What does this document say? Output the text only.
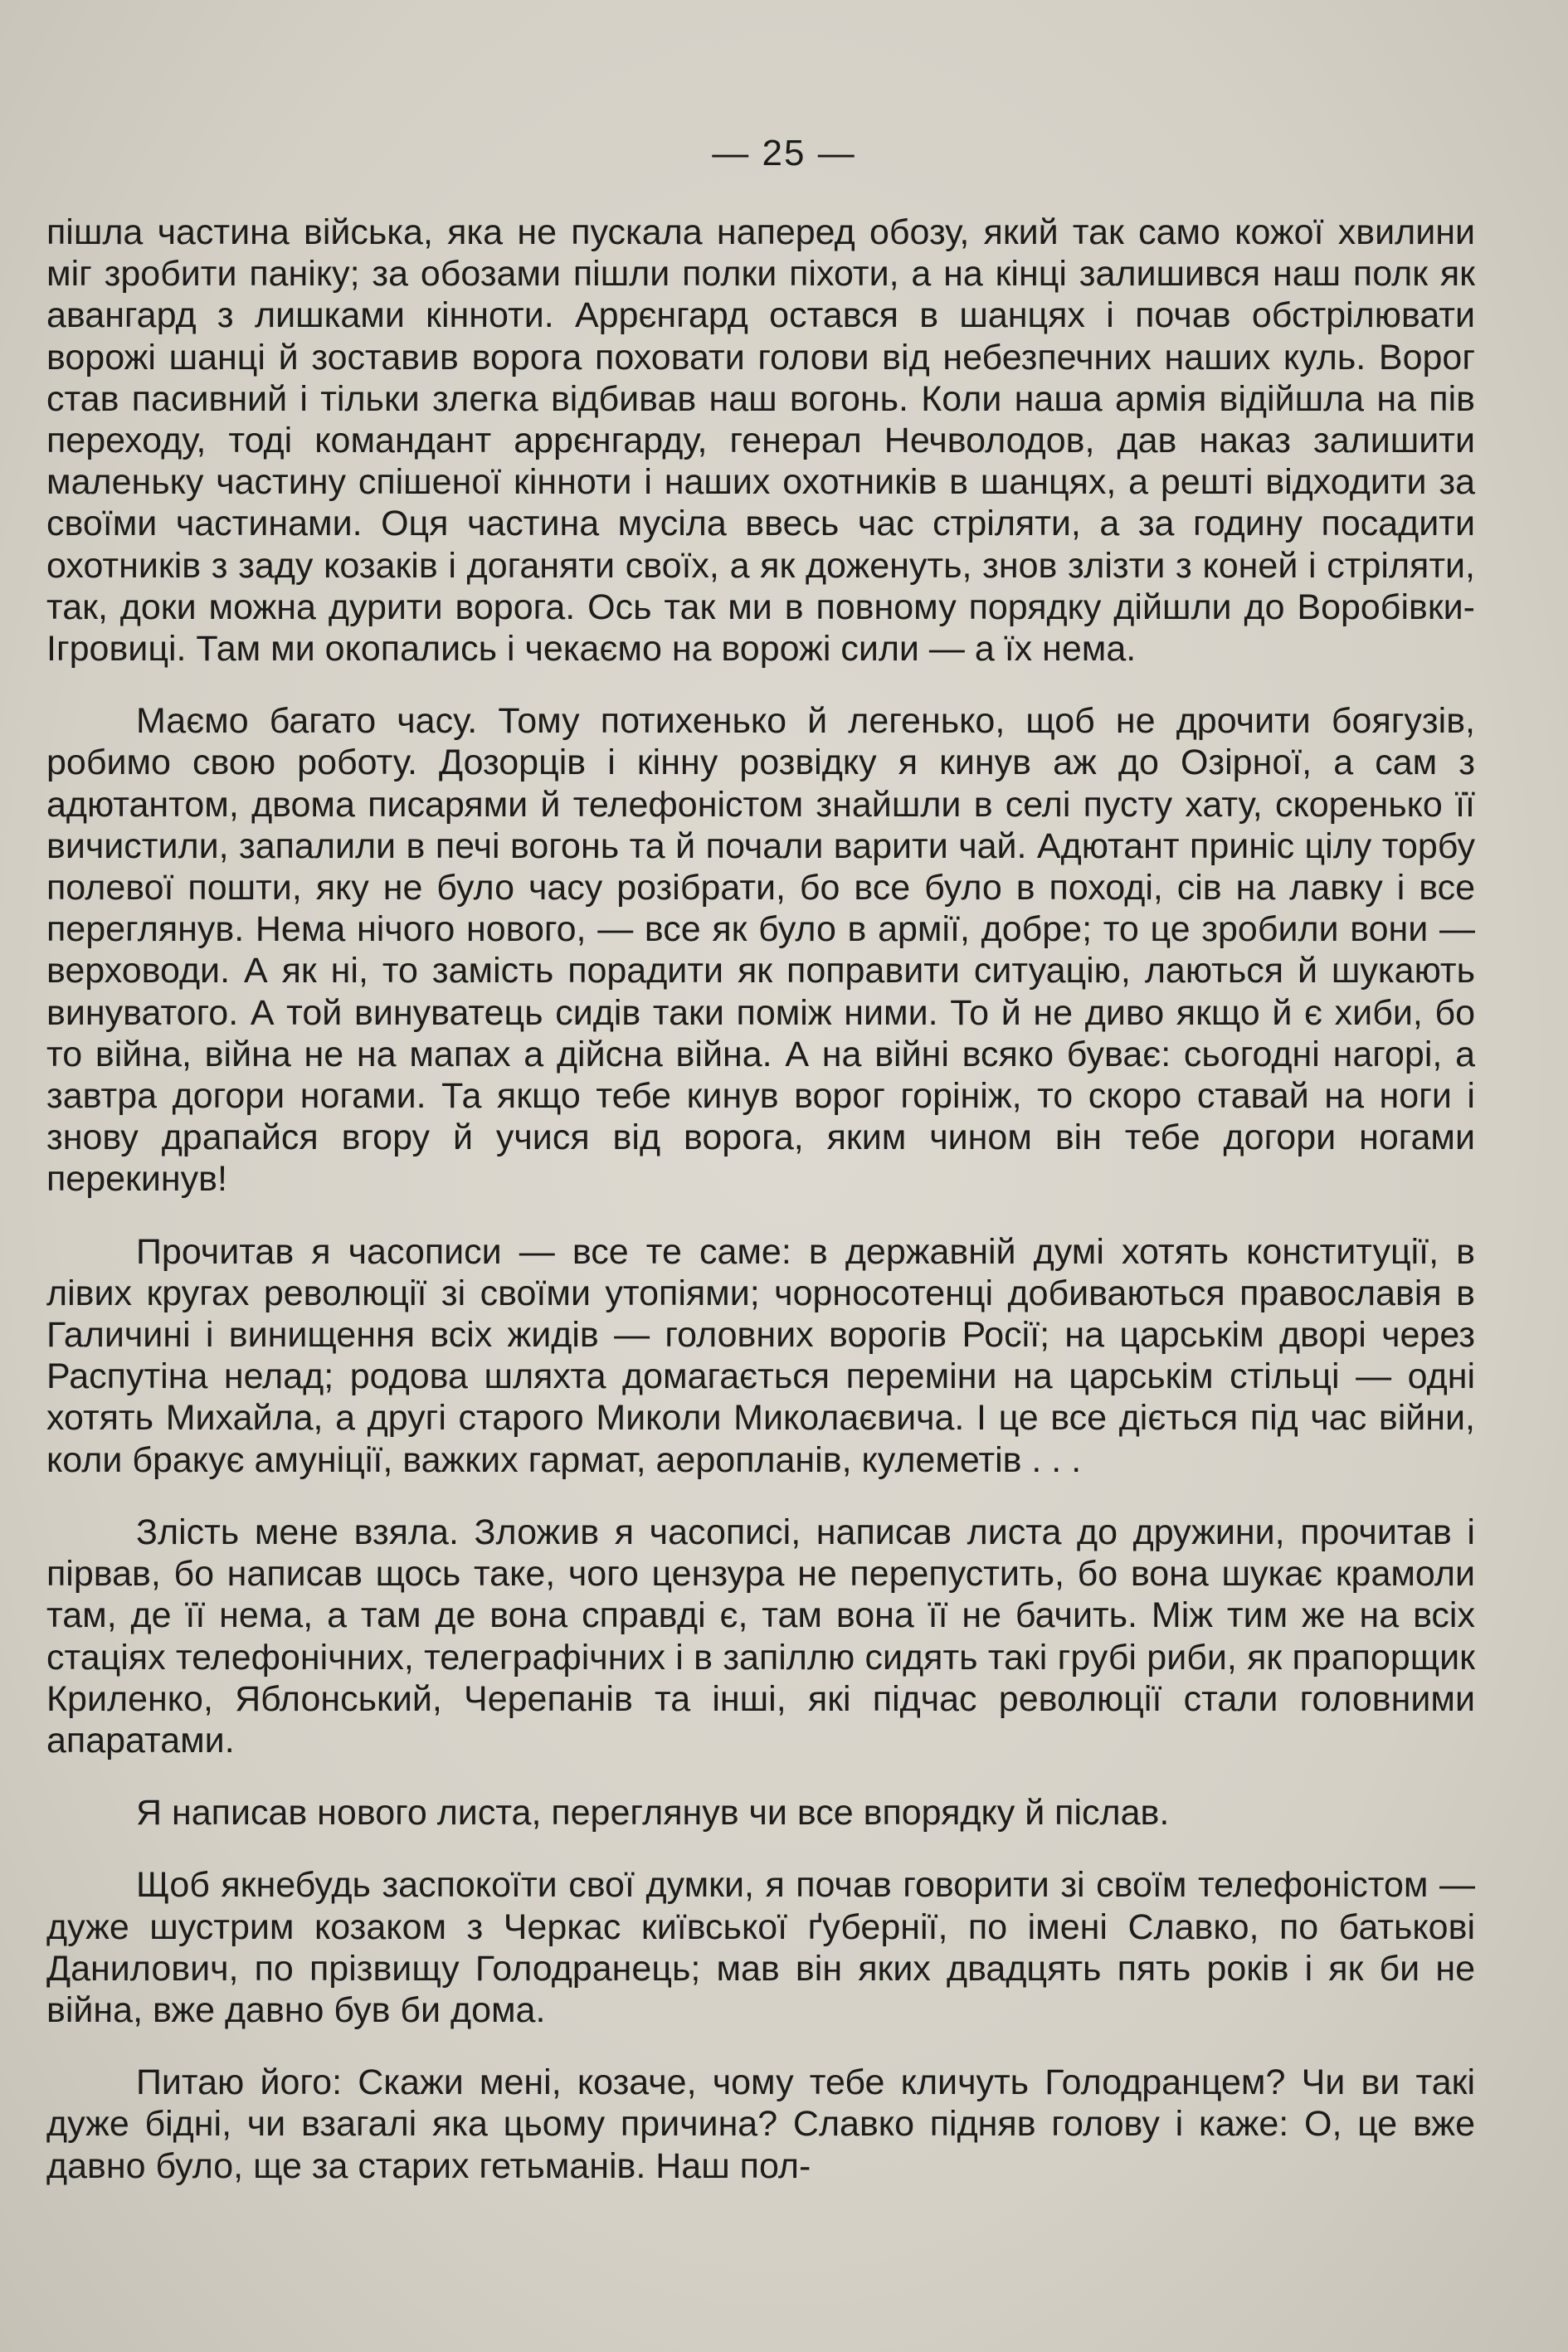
— 25 —

пішла частина війська, яка не пускала наперед обозу, який так само кожої хвилини міг зробити паніку; за обозами пішли полки піхоти, а на кінці залишився наш полк як авангард з лишками кінноти. Аррєнгард остався в шанцях і почав обстрілювати ворожі шанці й зоставив ворога поховати голови від небезпечних наших куль. Ворог став пасивний і тільки злегка відбивав наш вогонь. Коли наша армія відійшла на пів переходу, тоді командант аррєнгарду, генерал Нечволодов, дав наказ залишити маленьку частину спішеної кінноти і наших охотників в шанцях, а решті відходити за своїми частинами. Оця частина мусіла ввесь час стріляти, а за годину посадити охотників з заду козаків і доганяти своїх, а як доженуть, знов злізти з коней і стріляти, так, доки можна дурити ворога. Ось так ми в повному порядку дійшли до Воробівки-Ігровиці. Там ми окопались і чекаємо на ворожі сили — а їх нема.

Маємо багато часу. Тому потихенько й легенько, щоб не дрочити боягузів, робимо свою роботу. Дозорців і кінну розвідку я кинув аж до Озірної, а сам з адютантом, двома писарями й телефоністом знайшли в селі пусту хату, скоренько її вичистили, запалили в печі вогонь та й почали варити чай. Адютант приніс цілу торбу полевої пошти, яку не було часу розібрати, бо все було в поході, сів на лавку і все переглянув. Нема нічого нового, — все як було в армії, добре; то це зробили вони — верховоди. А як ні, то замість порадити як поправити ситуацію, лаються й шукають винуватого. А той винуватець сидів таки поміж ними. То й не диво якщо й є хиби, бо то війна, війна не на мапах а дійсна війна. А на війні всяко буває: сьогодні нагорі, а завтра догори ногами. Та якщо тебе кинув ворог горініж, то скоро ставай на ноги і знову драпайся вгору й учися від ворога, яким чином він тебе догори ногами перекинув!

Прочитав я часописи — все те саме: в державній думі хотять конституції, в лівих кругах революції зі своїми утопіями; чорносотенці добиваються православія в Галичині і винищення всіх жидів — головних ворогів Росії; на царськім дворі через Распутіна нелад; родова шляхта домагається переміни на царськім стільці — одні хотять Михайла, а другі старого Миколи Миколаєвича. І це все діється під час війни, коли бракує амуніції, важких гармат, аеропланів, кулеметів . . .

Злість мене взяла. Зложив я часописі, написав листа до дружини, прочитав і пірвав, бо написав щось таке, чого цензура не перепустить, бо вона шукає крамоли там, де її нема, а там де вона справді є, там вона її не бачить. Між тим же на всіх стаціях телефонічних, телеграфічних і в запіллю сидять такі грубі риби, як прапорщик Криленко, Яблонський, Черепанів та інші, які підчас революції стали головними апаратами.

Я написав нового листа, переглянув чи все впорядку й післав.

Щоб якнебудь заспокоїти свої думки, я почав говорити зі своїм телефоністом — дуже шустрим козаком з Черкас київської ґубернії, по імені Славко, по батькові Данилович, по прізвищу Голодранець; мав він яких двадцять пять років і як би не війна, вже давно був би дома.

Питаю його: Скажи мені, козаче, чому тебе кличуть Голодранцем? Чи ви такі дуже бідні, чи взагалі яка цьому причина? Славко підняв голову і каже: О, це вже давно було, ще за старих гетьманів. Наш пол-
